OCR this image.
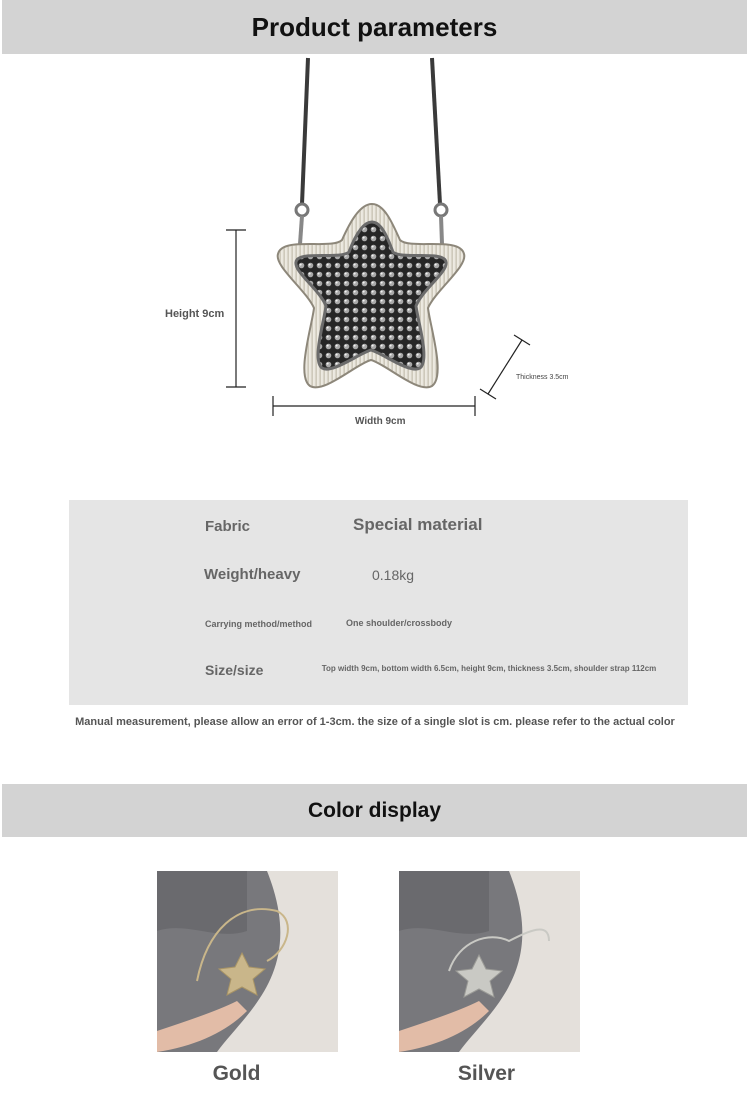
Product parameters
Height 9cm
Width 9cm
Thickness 3.5cm
Fabric	Special material
Weight/heavy	0.18kg
Carrying method/method	One shoulder/crossbody
Size/size	Top width 9cm, bottom width 6.5cm, height 9cm, thickness 3.5cm, shoulder strap 112cm
Manual measurement, please allow an error of 1-3cm. the size of a single slot is cm. please refer to the actual color
Color display
Gold	Silver
